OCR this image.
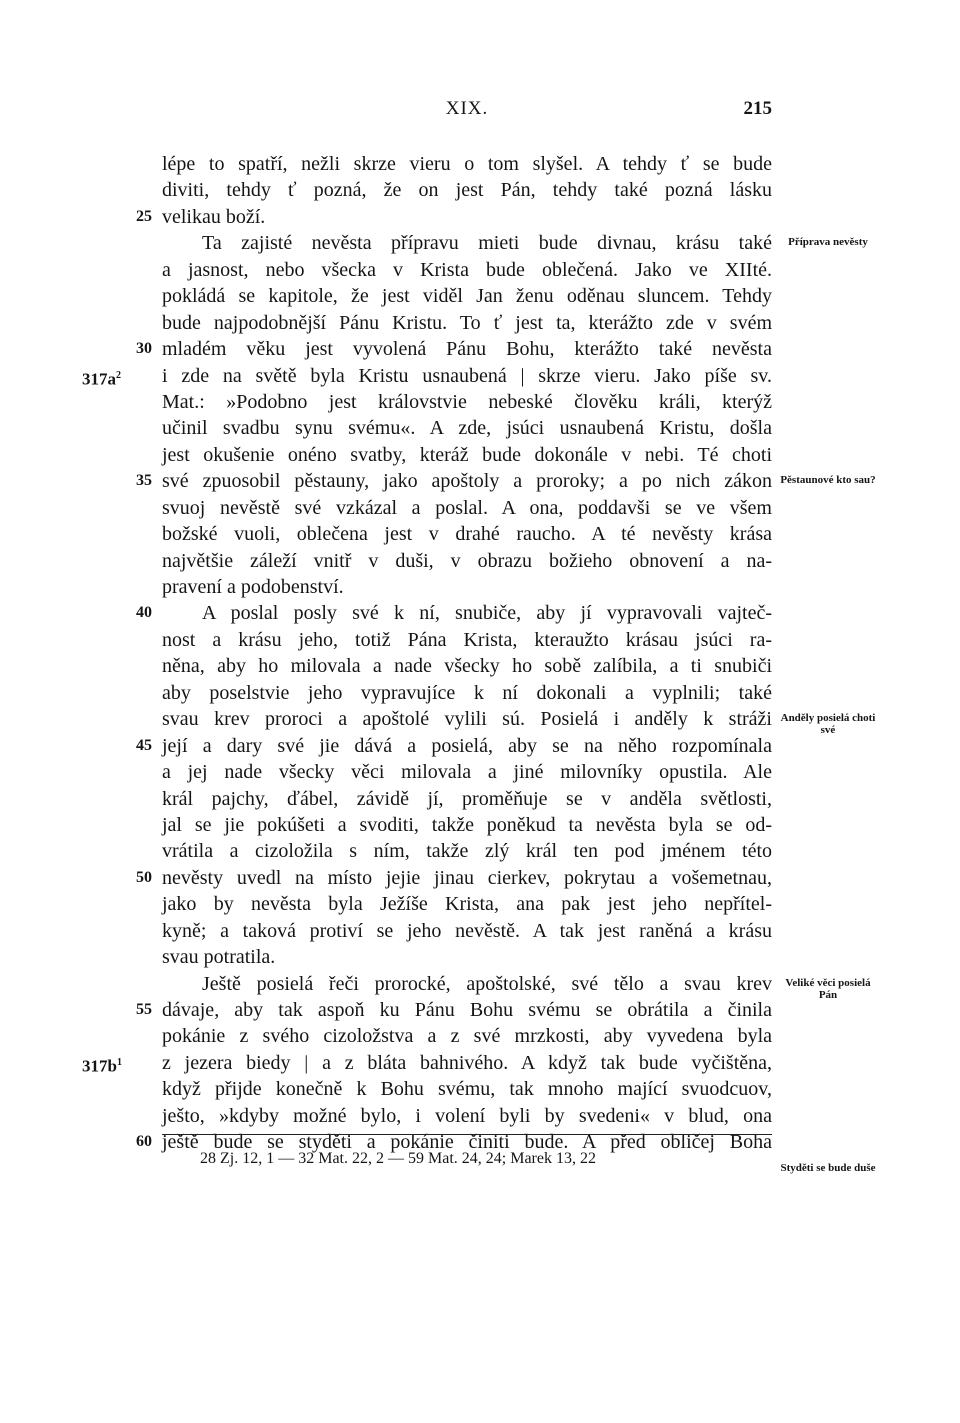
XIX.	215
lépe to spatří, nežli skrze vieru o tom slyšel. A tehdy ť se bude
diviti, tehdy ť pozná, že on jest Pán, tehdy také pozná lásku
velikau boží.
25
Ta zajisté nevěsta přípravu mieti bude divnau, krásu také
a jasnost, nebo všecka v Krista bude oblečená. Jako ve XIIté.
pokládá se kapitole, že jest viděl Jan ženu oděnau sluncem. Tehdy
bude najpodobnější Pánu Kristu. To ť jest ta, kterážto zde v svém
mladém věku jest vyvolená Pánu Bohu, kterážto také nevěsta
30
i zde na světě byla Kristu usnaubená | skrze vieru. Jako píše sv.
$317a^2$
Mat.: »Podobno jest královstvie nebeské člověku králi, kterýž
učinil svadbu synu svému«. A zde, jsúci usnaubená Kristu, došla
jest okušenie onéno svatby, kteráž bude dokonále v nebi. Té choti
své zpuosobil pěstauny, jako apoštoly a proroky; a po nich zákon
35
svuoj nevěstě své vzkázal a poslal. A ona, poddavši se ve všem
božské vuoli, oblečena jest v drahé raucho. A té nevěsty krása
najvětšie záleží vnitř v duši, v obrazu božieho obnovení a na-
pravení a podobenství.
A poslal posly své k ní, snubiče, aby jí vypravovali vajteč-
40
nost a krásu jeho, totiž Pána Krista, kteraužto krásau jsúci ra-
něna, aby ho milovala a nade všecky ho sobě zalíbila, a ti snubiči
aby poselstvie jeho vypravujíce k ní dokonali a vyplnili; také
svau krev proroci a apoštolé vylili sú. Posielá i anděly k stráži
její a dary své jie dává a posielá, aby se na něho rozpomínala
45
a jej nade všecky věci milovala a jiné milovníky opustila. Ale
král pajchy, ďábel, závidě jí, proměňuje se v anděla světlosti,
jal se jie pokúšeti a svoditi, takže poněkud ta nevěsta byla se od-
vrátila a cizoložila s ním, takže zlý král ten pod jménem této
nevěsty uvedl na místo jejie jinau cierkev, pokrytau a vošemetnau,
50
jako by nevěsta byla Ježíše Krista, ana pak jest jeho nepřítel-
kyně; a taková protiví se jeho nevěstě. A tak jest raněná a krásu
svau potratila.
Ještě posielá řeči prorocké, apoštolské, své tělo a svau krev
dávaje, aby tak aspoň ku Pánu Bohu svému se obrátila a činila
55
pokánie z svého cizoložstva a z své mrzkosti, aby vyvedena byla
z jezera biedy | a z bláta bahnivého. A když tak bude vyčištěna,
$317b^1$
když přijde konečně k Bohu svému, tak mnoho mající svuodcuov,
ješto, »kdyby možné bylo, i volení byli by svedeni« v blud, ona
ještě bude se styděti a pokánie činiti bude. A před obličej Boha
60
Příprava nevěsty
Pěstaunové kto sau?
Anděly posielá choti své
Veliké věci posielá Pán
Styděti se bude duše
28 Zj. 12, 1 — 32 Mat. 22, 2 — 59 Mat. 24, 24; Marek 13, 22
